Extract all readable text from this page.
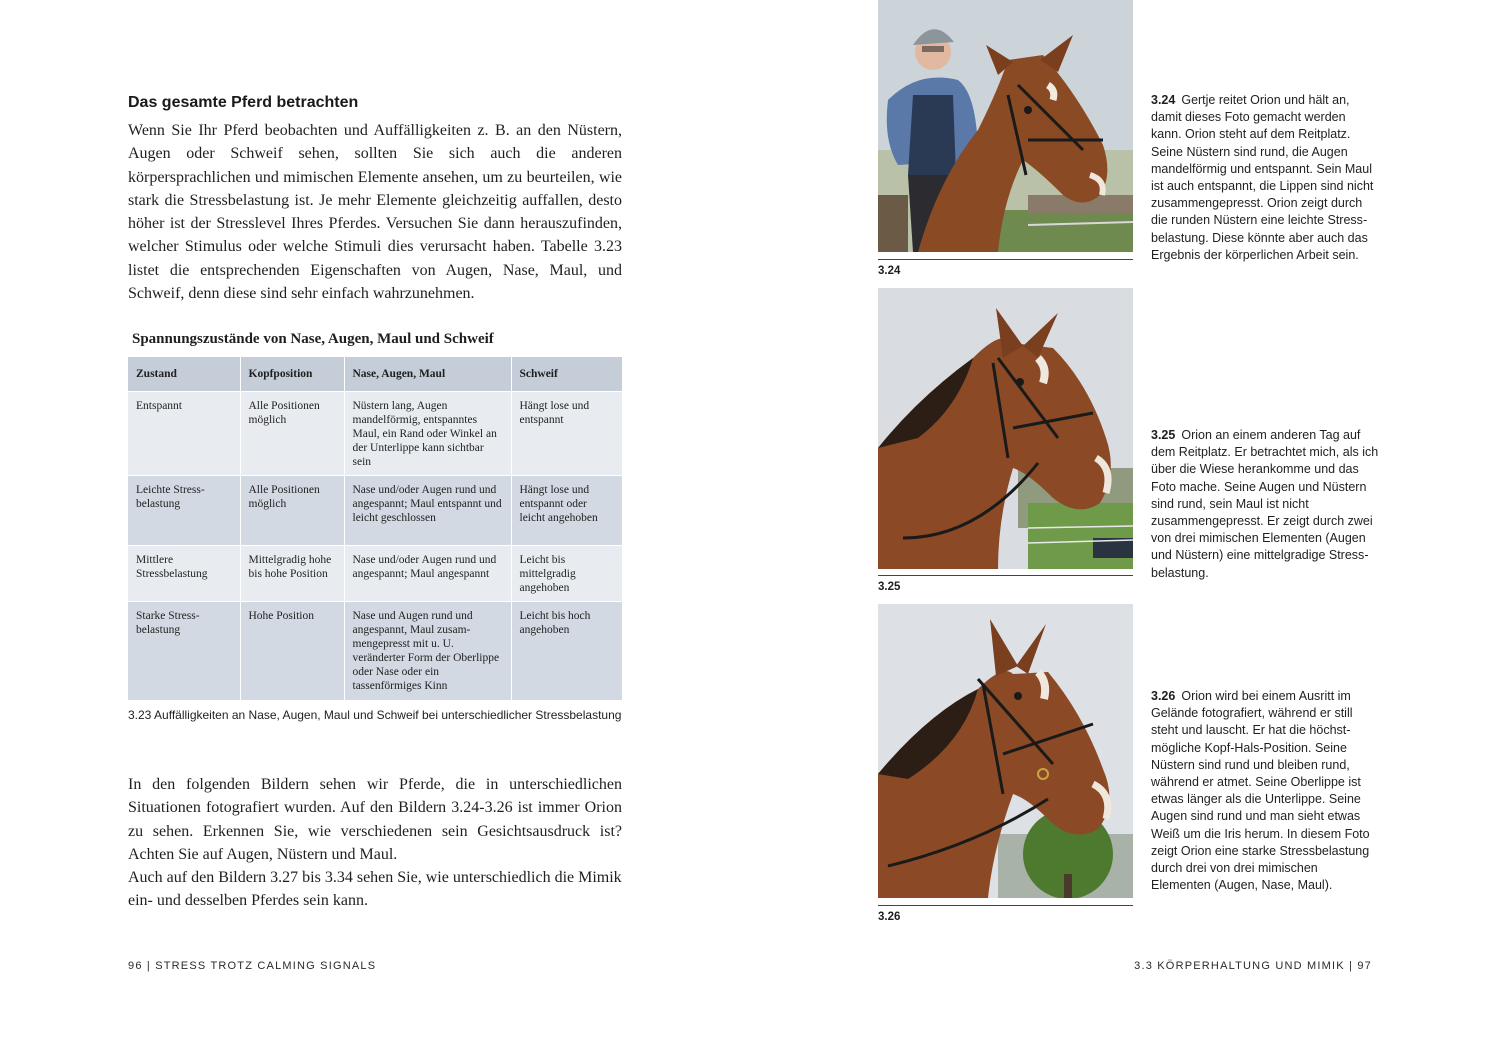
Das gesamte Pferd betrachten
Wenn Sie Ihr Pferd beobachten und Auffälligkeiten z. B. an den Nüstern, Augen oder Schweif sehen, sollten Sie sich auch die anderen körpersprachlichen und mimischen Elemente ansehen, um zu beurteilen, wie stark die Stressbelastung ist. Je mehr Elemente gleichzeitig auffallen, desto höher ist der Stresslevel Ihres Pferdes. Versuchen Sie dann herauszufinden, welcher Stimulus oder welche Stimuli dies verursacht haben. Tabelle 3.23 listet die entsprechenden Eigenschaften von Augen, Nase, Maul, und Schweif, denn diese sind sehr einfach wahrzunehmen.
Spannungszustände von Nase, Augen, Maul und Schweif
Zustand	Kopfposition	Nase, Augen, Maul	Schweif
Entspannt	Alle Positionen möglich	Nüstern lang, Augen mandelförmig, entspanntes Maul, ein Rand oder Winkel an der Unterlippe kann sichtbar sein	Hängt lose und entspannt
Leichte Stressbelastung	Alle Positionen möglich	Nase und/oder Augen rund und angespannt; Maul entspannt und leicht geschlossen	Hängt lose und entspannt oder leicht angehoben
Mittlere Stressbelastung	Mittelgradig hohe bis hohe Position	Nase und/oder Augen rund und angespannt; Maul angespannt	Leicht bis mittelgradig angehoben
Starke Stressbelastung	Hohe Position	Nase und Augen rund und angespannt, Maul zusammengepresst mit u. U. veränderter Form der Oberlippe oder Nase oder ein tassenförmiges Kinn	Leicht bis hoch angehoben
3.23 Auffälligkeiten an Nase, Augen, Maul und Schweif bei unterschiedlicher Stressbelastung
In den folgenden Bildern sehen wir Pferde, die in unterschiedlichen Situationen fotografiert wurden. Auf den Bildern 3.24-3.26 ist immer Orion zu sehen. Erkennen Sie, wie verschiedenen sein Gesichtsausdruck ist? Achten Sie auf Augen, Nüstern und Maul.
Auch auf den Bildern 3.27 bis 3.34 sehen Sie, wie unterschiedlich die Mimik ein- und desselben Pferdes sein kann.
96 | STRESS TROTZ CALMING SIGNALS
3.24
3.25
3.26
3.24 Gertje reitet Orion und hält an, damit dieses Foto gemacht werden kann. Orion steht auf dem Reitplatz. Seine Nüstern sind rund, die Augen mandelförmig und entspannt. Sein Maul ist auch entspannt, die Lippen sind nicht zusammengepresst. Orion zeigt durch die runden Nüstern eine leichte Stressbelastung. Diese könnte aber auch das Ergebnis der körperlichen Arbeit sein.
3.25 Orion an einem anderen Tag auf dem Reitplatz. Er betrachtet mich, als ich über die Wiese herankomme und das Foto mache. Seine Augen und Nüstern sind rund, sein Maul ist nicht zusammengepresst. Er zeigt durch zwei von drei mimischen Elementen (Augen und Nüstern) eine mittelgradige Stressbelastung.
3.26 Orion wird bei einem Ausritt im Gelände fotografiert, während er still steht und lauscht. Er hat die höchstmögliche Kopf-Hals-Position. Seine Nüstern sind rund und bleiben rund, während er atmet. Seine Oberlippe ist etwas länger als die Unterlippe. Seine Augen sind rund und man sieht etwas Weiß um die Iris herum. In diesem Foto zeigt Orion eine starke Stressbelastung durch drei von drei mimischen Elementen (Augen, Nase, Maul).
3.3 KÖRPERHALTUNG UND MIMIK | 97
